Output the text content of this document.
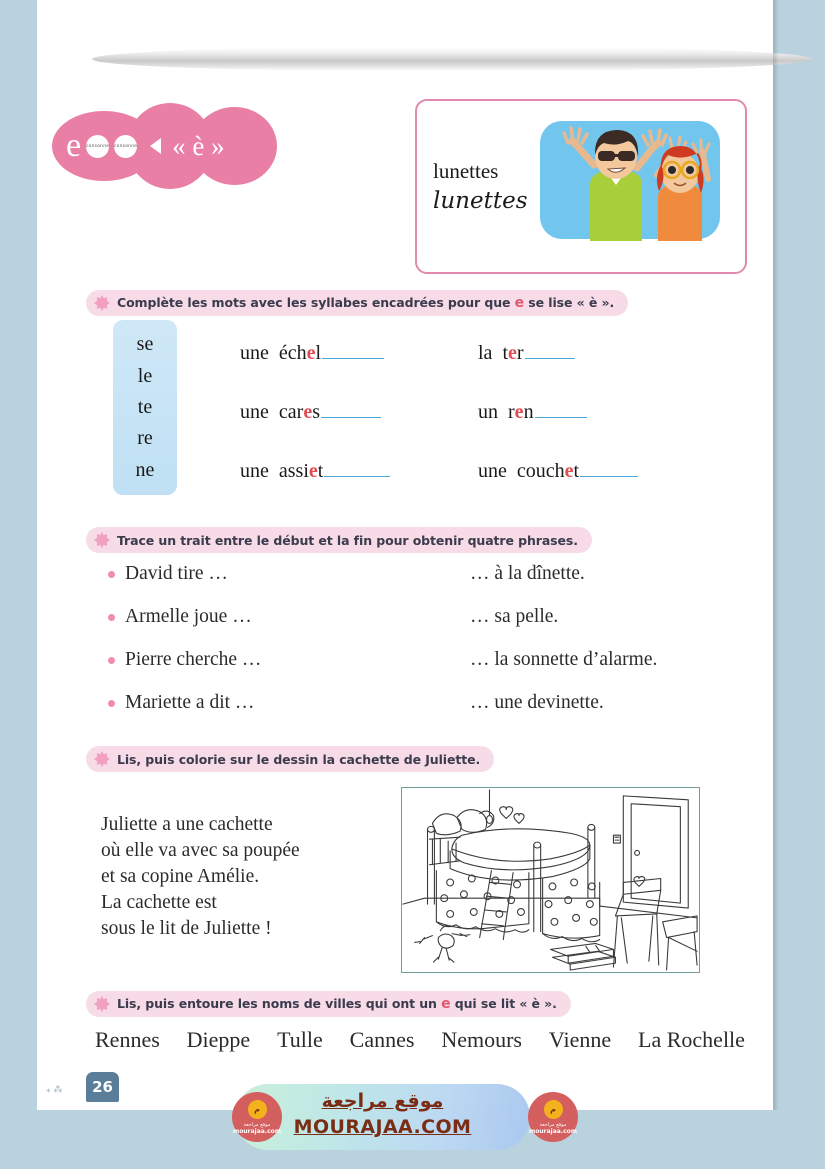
e consonne consonne « è »
lunettes
lunettes
Complète les mots avec les syllabes encadrées pour que e se lise « è ».
se
le
te
re
ne
une échel
une cares
une assiet
la ter
un ren
une couchet
Trace un trait entre le début et la fin pour obtenir quatre phrases.
David tire …
Armelle joue …
Pierre cherche …
Mariette a dit …
… à la dînette.
… sa pelle.
… la sonnette d’alarme.
… une devinette.
Lis, puis colorie sur le dessin la cachette de Juliette.
Juliette a une cachette
où elle va avec sa poupée
et sa copine Amélie.
La cachette est
sous le lit de Juliette !
Lis, puis entoure les noms de villes qui ont un e qui se lit « è ».
Rennes Dieppe Tulle Cannes Nemours Vienne La Rochelle
26
⁎ ⁂	موقع مراجعة
MOURAJAA.COM
م
موقع مراجعة
mourajaa.com
م
موقع مراجعة
mourajaa.com
